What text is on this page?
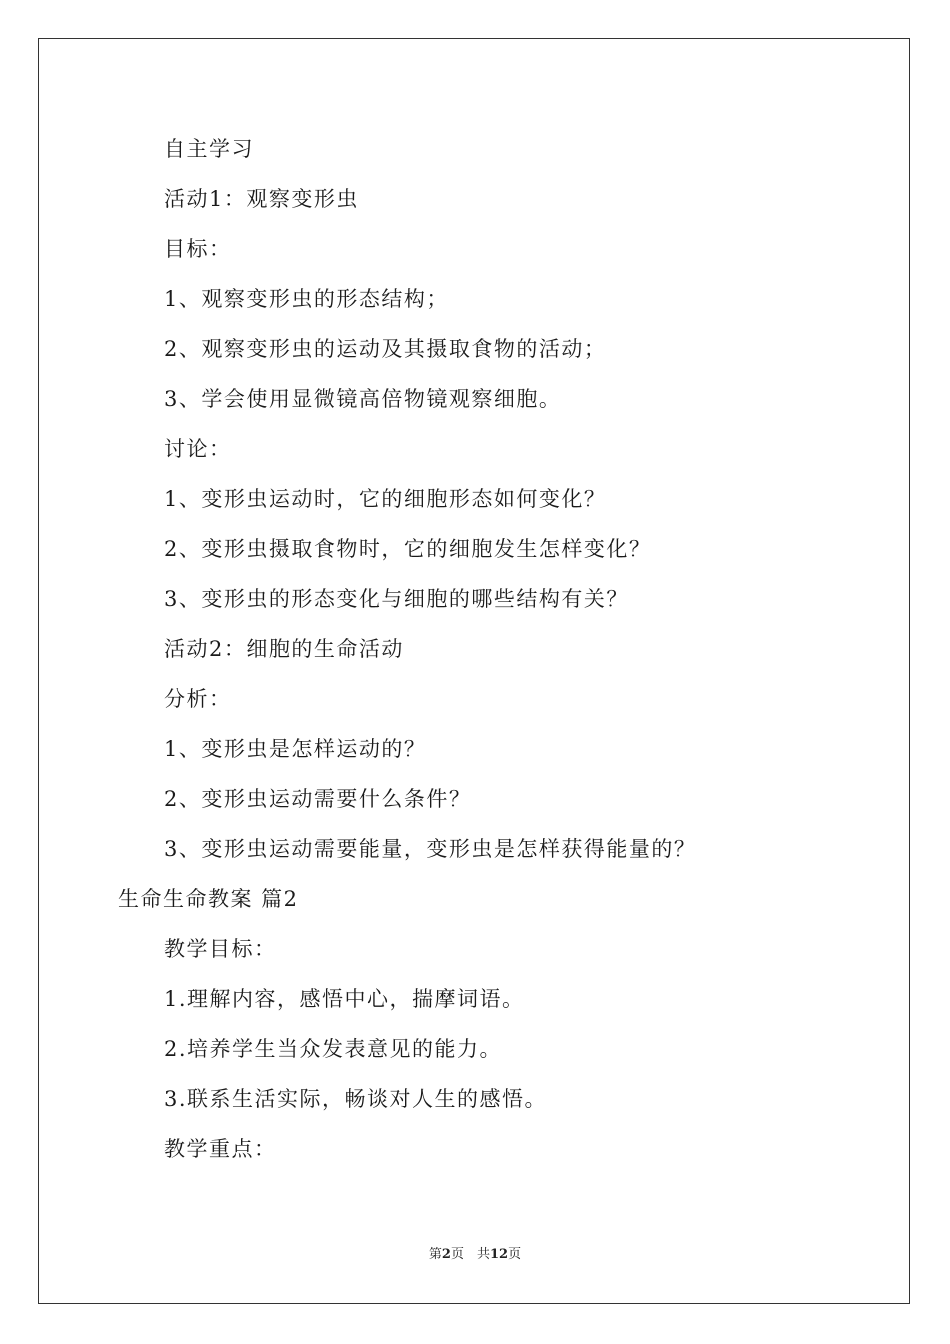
自主学习
活动1：观察变形虫
目标：
1、观察变形虫的形态结构；
2、观察变形虫的运动及其摄取食物的活动；
3、学会使用显微镜高倍物镜观察细胞。
讨论：
1、变形虫运动时，它的细胞形态如何变化？
2、变形虫摄取食物时，它的细胞发生怎样变化？
3、变形虫的形态变化与细胞的哪些结构有关？
活动2：细胞的生命活动
分析：
1、变形虫是怎样运动的？
2、变形虫运动需要什么条件？
3、变形虫运动需要能量，变形虫是怎样获得能量的？
生命生命教案 篇2
教学目标：
1.理解内容，感悟中心，揣摩词语。
2.培养学生当众发表意见的能力。
3.联系生活实际，畅谈对人生的感悟。
教学重点：
第2页　共12页
